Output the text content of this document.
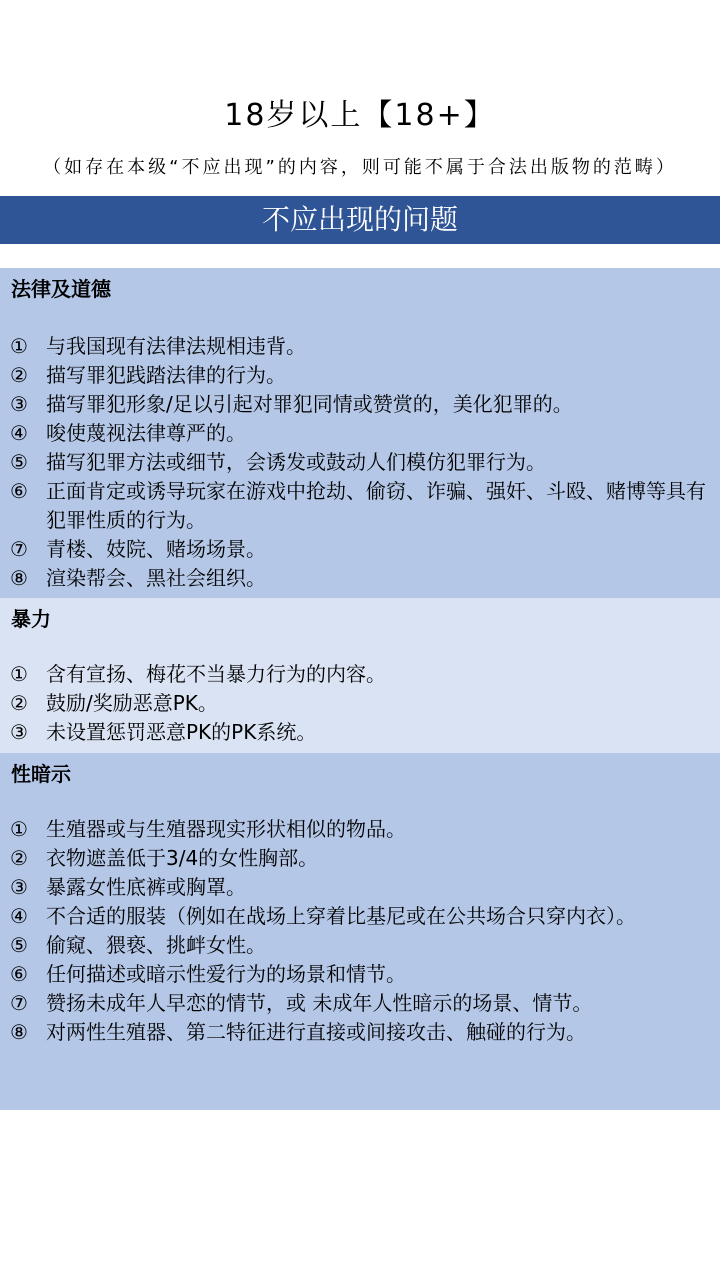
18岁以上【18+】
（如存在本级“不应出现”的内容，则可能不属于合法出版物的范畴）
不应出现的问题
法律及道德
① 与我国现有法律法规相违背。
② 描写罪犯践踏法律的行为。
③ 描写罪犯形象/足以引起对罪犯同情或赞赏的，美化犯罪的。
④ 唆使蔑视法律尊严的。
⑤ 描写犯罪方法或细节，会诱发或鼓动人们模仿犯罪行为。
⑥ 正面肯定或诱导玩家在游戏中抢劫、偷窃、诈骗、强奸、斗殴、赌博等具有犯罪性质的行为。
⑦ 青楼、妓院、赌场场景。
⑧ 渲染帮会、黑社会组织。
暴力
① 含有宣扬、梅花不当暴力行为的内容。
② 鼓励/奖励恶意PK。
③ 未设置惩罚恶意PK的PK系统。
性暗示
① 生殖器或与生殖器现实形状相似的物品。
② 衣物遮盖低于3/4的女性胸部。
③ 暴露女性底裤或胸罩。
④ 不合适的服装（例如在战场上穿着比基尼或在公共场合只穿内衣）。
⑤ 偷窥、猥亵、挑衅女性。
⑥ 任何描述或暗示性爱行为的场景和情节。
⑦ 赞扬未成年人早恋的情节，或 未成年人性暗示的场景、情节。
⑧ 对两性生殖器、第二特征进行直接或间接攻击、触碰的行为。
